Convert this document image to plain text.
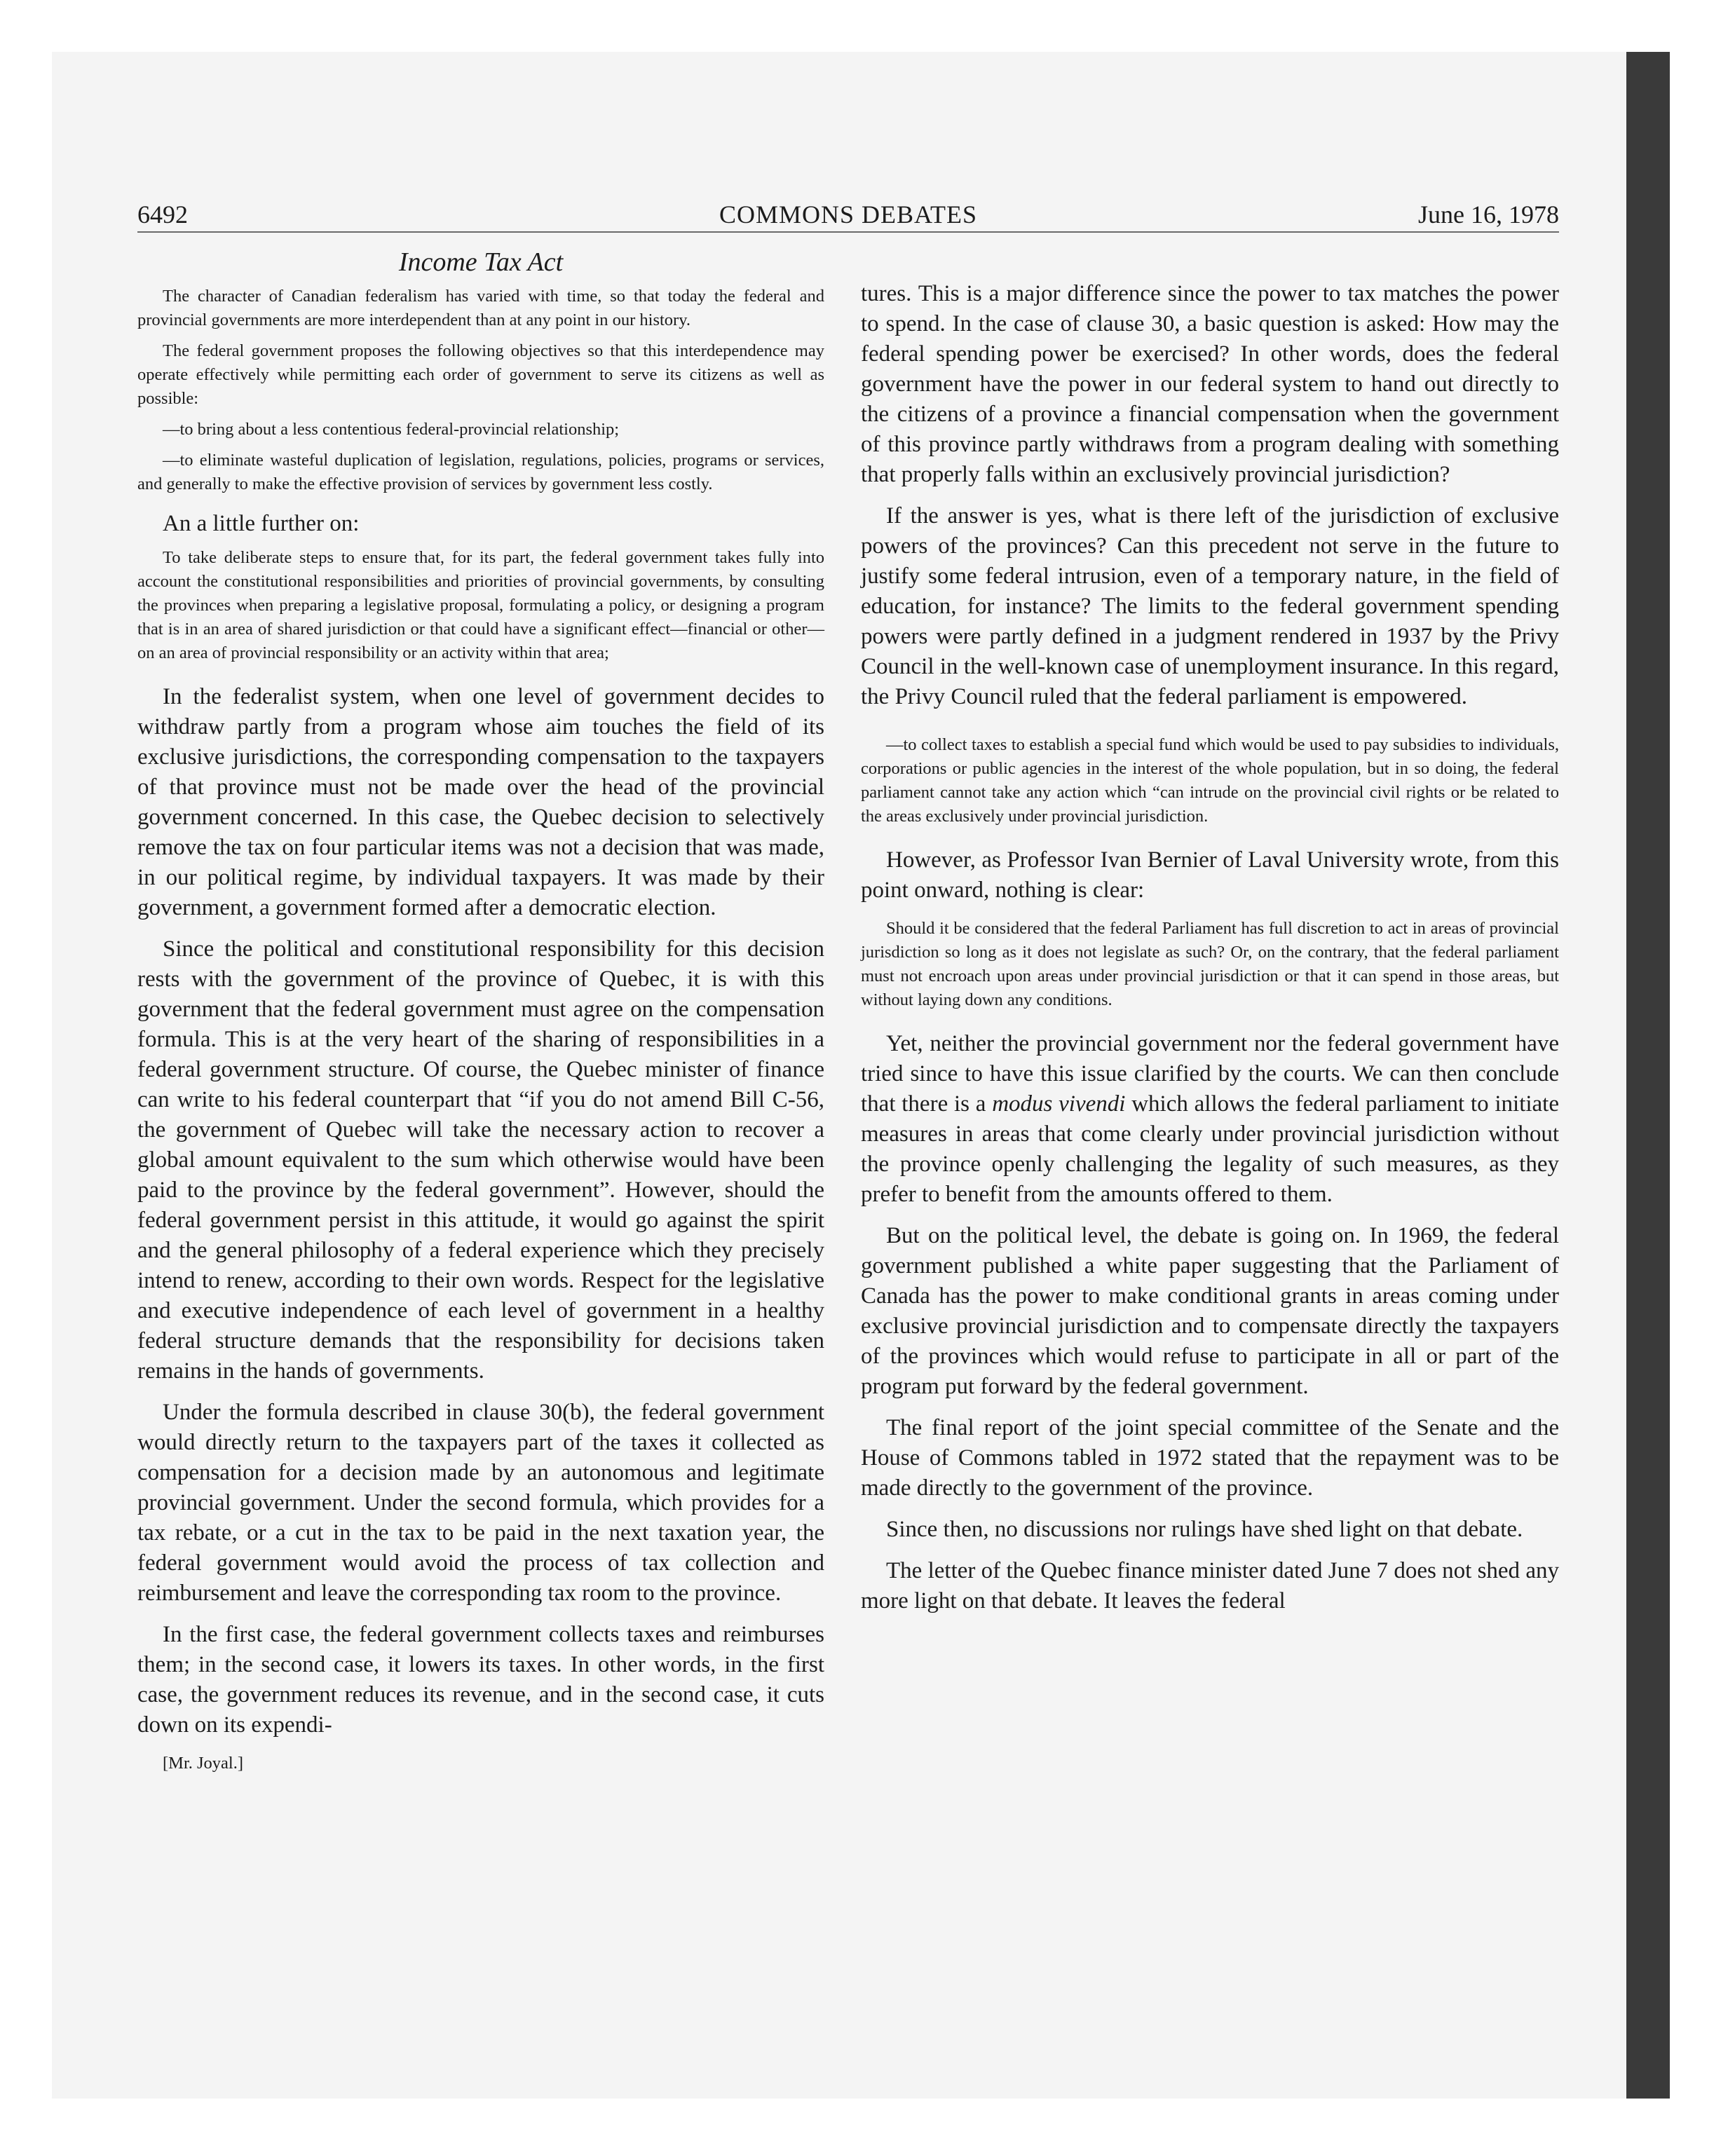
6492	COMMONS DEBATES	June 16, 1978
Income Tax Act

The character of Canadian federalism has varied with time, so that today the federal and provincial governments are more interdependent than at any point in our history.

The federal government proposes the following objectives so that this interdependence may operate effectively while permitting each order of government to serve its citizens as well as possible:

—to bring about a less contentious federal-provincial relationship;

—to eliminate wasteful duplication of legislation, regulations, policies, programs or services, and generally to make the effective provision of services by government less costly.

An a little further on:

To take deliberate steps to ensure that, for its part, the federal government takes fully into account the constitutional responsibilities and priorities of provincial governments, by consulting the provinces when preparing a legislative proposal, formulating a policy, or designing a program that is in an area of shared jurisdiction or that could have a significant effect—financial or other—on an area of provincial responsibility or an activity within that area;

In the federalist system, when one level of government decides to withdraw partly from a program whose aim touches the field of its exclusive jurisdictions, the corresponding compensation to the taxpayers of that province must not be made over the head of the provincial government concerned. In this case, the Quebec decision to selectively remove the tax on four particular items was not a decision that was made, in our political regime, by individual taxpayers. It was made by their government, a government formed after a democratic election.

Since the political and constitutional responsibility for this decision rests with the government of the province of Quebec, it is with this government that the federal government must agree on the compensation formula. This is at the very heart of the sharing of responsibilities in a federal government structure. Of course, the Quebec minister of finance can write to his federal counterpart that “if you do not amend Bill C-56, the government of Quebec will take the necessary action to recover a global amount equivalent to the sum which otherwise would have been paid to the province by the federal government”. However, should the federal government persist in this attitude, it would go against the spirit and the general philosophy of a federal experience which they precisely intend to renew, according to their own words. Respect for the legislative and executive independence of each level of government in a healthy federal structure demands that the responsibility for decisions taken remains in the hands of governments.

Under the formula described in clause 30(b), the federal government would directly return to the taxpayers part of the taxes it collected as compensation for a decision made by an autonomous and legitimate provincial government. Under the second formula, which provides for a tax rebate, or a cut in the tax to be paid in the next taxation year, the federal government would avoid the process of tax collection and reimbursement and leave the corresponding tax room to the province.

In the first case, the federal government collects taxes and reimburses them; in the second case, it lowers its taxes. In other words, in the first case, the government reduces its revenue, and in the second case, it cuts down on its expendi-

[Mr. Joyal.]

tures. This is a major difference since the power to tax matches the power to spend. In the case of clause 30, a basic question is asked: How may the federal spending power be exercised? In other words, does the federal government have the power in our federal system to hand out directly to the citizens of a province a financial compensation when the government of this province partly withdraws from a program dealing with something that properly falls within an exclusively provincial jurisdiction?

If the answer is yes, what is there left of the jurisdiction of exclusive powers of the provinces? Can this precedent not serve in the future to justify some federal intrusion, even of a temporary nature, in the field of education, for instance? The limits to the federal government spending powers were partly defined in a judgment rendered in 1937 by the Privy Council in the well-known case of unemployment insurance. In this regard, the Privy Council ruled that the federal parliament is empowered.

—to collect taxes to establish a special fund which would be used to pay subsidies to individuals, corporations or public agencies in the interest of the whole population, but in so doing, the federal parliament cannot take any action which “can intrude on the provincial civil rights or be related to the areas exclusively under provincial jurisdiction.

However, as Professor Ivan Bernier of Laval University wrote, from this point onward, nothing is clear:

Should it be considered that the federal Parliament has full discretion to act in areas of provincial jurisdiction so long as it does not legislate as such? Or, on the contrary, that the federal parliament must not encroach upon areas under provincial jurisdiction or that it can spend in those areas, but without laying down any conditions.

Yet, neither the provincial government nor the federal government have tried since to have this issue clarified by the courts. We can then conclude that there is a modus vivendi which allows the federal parliament to initiate measures in areas that come clearly under provincial jurisdiction without the province openly challenging the legality of such measures, as they prefer to benefit from the amounts offered to them.

But on the political level, the debate is going on. In 1969, the federal government published a white paper suggesting that the Parliament of Canada has the power to make conditional grants in areas coming under exclusive provincial jurisdiction and to compensate directly the taxpayers of the provinces which would refuse to participate in all or part of the program put forward by the federal government.

The final report of the joint special committee of the Senate and the House of Commons tabled in 1972 stated that the repayment was to be made directly to the government of the province.

Since then, no discussions nor rulings have shed light on that debate.

The letter of the Quebec finance minister dated June 7 does not shed any more light on that debate. It leaves the federal
